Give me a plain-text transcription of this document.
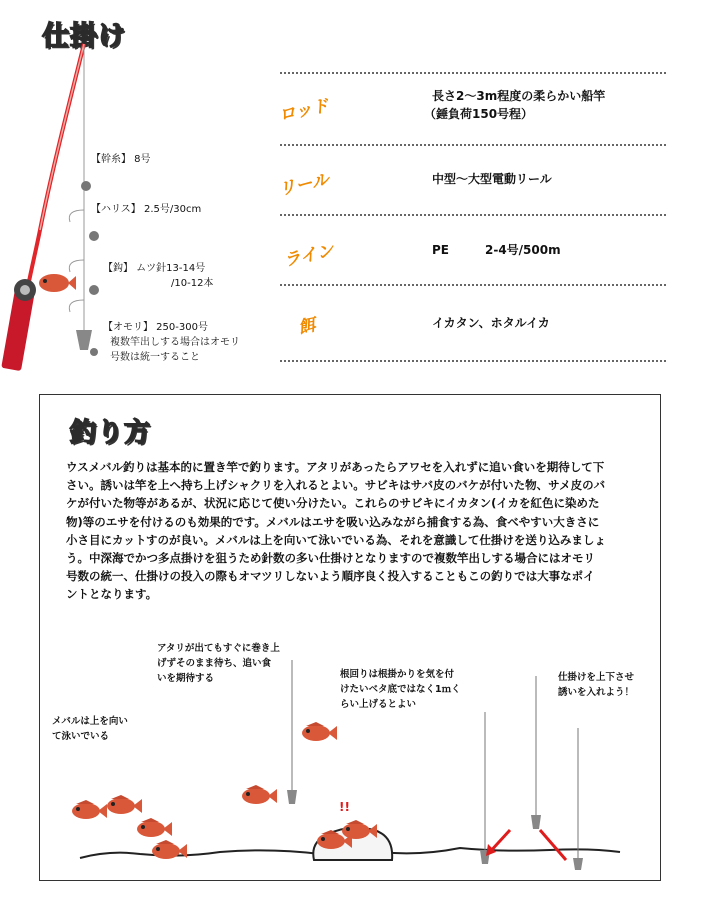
仕掛け
【幹糸】 8号
【ハリス】 2.5号/30cm
【鈎】 ムツ針13-14号
/10-12本
【オモリ】 250-300号
複数竿出しする場合はオモリ
号数は統一すること
ロッド	長さ2～3m程度の柔らかい船竿
（錘負荷150号程）
リール	中型～大型電動リール
ライン	PE　　　2-4号/500m
餌	イカタン、ホタルイカ
釣り方
ウスメバル釣りは基本的に置き竿で釣ります。アタリがあったらアワセを入れずに追い食いを期待して下さい。誘いは竿を上へ持ち上げシャクリを入れるとよい。サビキはサバ皮のバケが付いた物、サメ皮のバケが付いた物等があるが、状況に応じて使い分けたい。これらのサビキにイカタン(イカを紅色に染めた物)等のエサを付けるのも効果的です。メバルはエサを吸い込みながら捕食する為、食べやすい大きさに小さ目にカットすのが良い。メバルは上を向いて泳いでいる為、それを意識して仕掛けを送り込みましょう。中深海でかつ多点掛けを狙うため針数の多い仕掛けとなりますので複数竿出しする場合にはオモリ号数の統一、仕掛けの投入の際もオマツリしないよう順序良く投入することもこの釣りでは大事なポイントとなります。
メバルは上を向い
て泳いでいる
アタリが出てもすぐに巻き上
げずそのまま待ち、追い食
いを期待する	根回りは根掛かりを気を付
けたいベタ底ではなく1ｍく
らい上げるとよい
仕掛けを上下させ
誘いを入れよう！
!!
